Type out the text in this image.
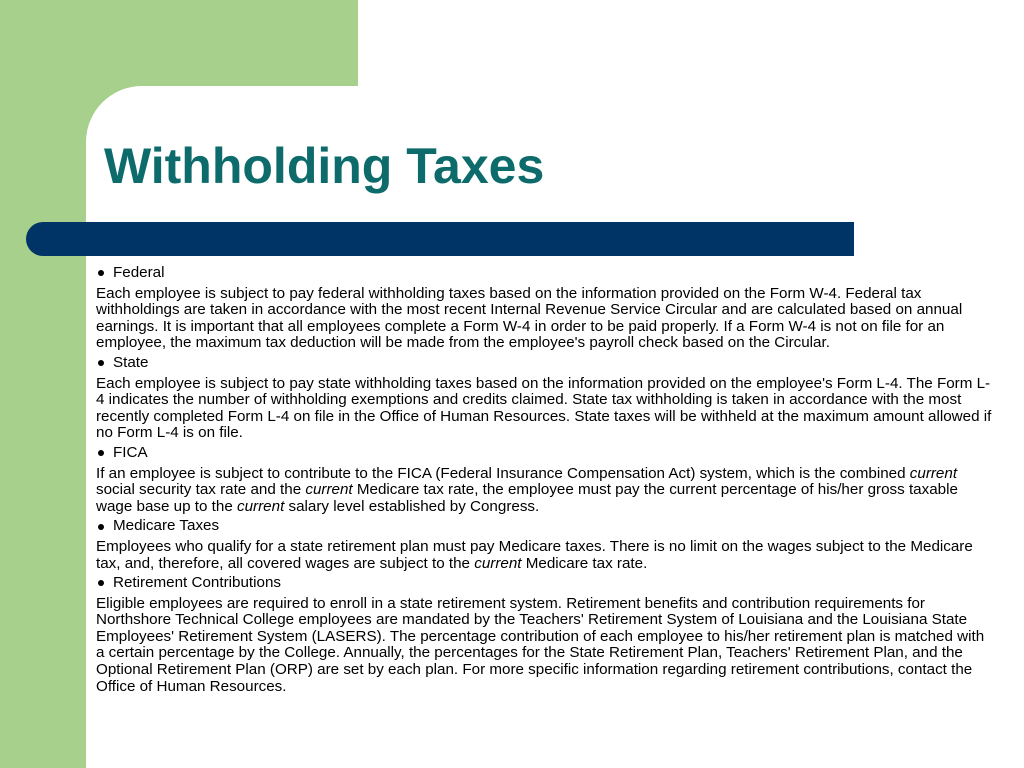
Withholding Taxes
Federal

Each employee is subject to pay federal withholding taxes based on the information provided on the Form W-4. Federal tax withholdings are taken in accordance with the most recent Internal Revenue Service Circular and are calculated based on annual earnings. It is important that all employees complete a Form W-4 in order to be paid properly. If a Form W-4 is not on file for an employee, the maximum tax deduction will be made from the employee's payroll check based on the Circular.

State

Each employee is subject to pay state withholding taxes based on the information provided on the employee's Form L-4. The Form L-4 indicates the number of withholding exemptions and credits claimed. State tax withholding is taken in accordance with the most recently completed Form L-4 on file in the Office of Human Resources. State taxes will be withheld at the maximum amount allowed if no Form L-4 is on file.

FICA

If an employee is subject to contribute to the FICA (Federal Insurance Compensation Act) system, which is the combined current social security tax rate and the current Medicare tax rate, the employee must pay the current percentage of his/her gross taxable wage base up to the current salary level established by Congress.

Medicare Taxes

Employees who qualify for a state retirement plan must pay Medicare taxes. There is no limit on the wages subject to the Medicare tax, and, therefore, all covered wages are subject to the current Medicare tax rate.

Retirement Contributions

Eligible employees are required to enroll in a state retirement system. Retirement benefits and contribution requirements for Northshore Technical College employees are mandated by the Teachers' Retirement System of Louisiana and the Louisiana State Employees' Retirement System (LASERS). The percentage contribution of each employee to his/her retirement plan is matched with a certain percentage by the College. Annually, the percentages for the State Retirement Plan, Teachers' Retirement Plan, and the Optional Retirement Plan (ORP) are set by each plan. For more specific information regarding retirement contributions, contact the Office of Human Resources.
